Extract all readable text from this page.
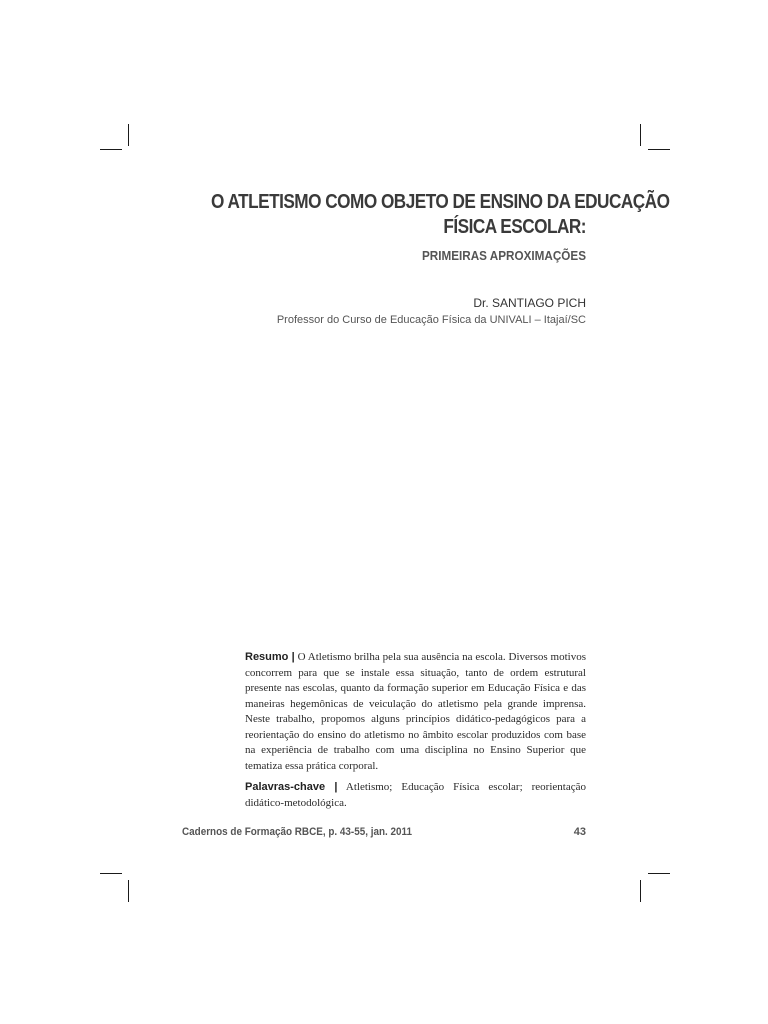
O ATLETISMO COMO OBJETO DE ENSINO DA EDUCAÇÃO
FÍSICA ESCOLAR:
PRIMEIRAS APROXIMAÇÕES
Dr. SANTIAGO PICH
Professor do Curso de Educação Física da UNIVALI – Itajaí/SC

Resumo | O Atletismo brilha pela sua ausência na escola. Diversos motivos concorrem para que se instale essa situação, tanto de ordem estrutural presente nas escolas, quanto da formação superior em Educação Física e das maneiras hegemônicas de veiculação do atletismo pela grande imprensa. Neste trabalho, propomos alguns princípios didático-pedagógicos para a reorientação do ensino do atletismo no âmbito escolar produzidos com base na experiência de trabalho com uma disciplina no Ensino Superior que tematiza essa prática corporal.

Palavras-chave | Atletismo; Educação Física escolar; reorientação didático-metodológica.

Cadernos de Formação RBCE, p. 43-55, jan. 2011	43
